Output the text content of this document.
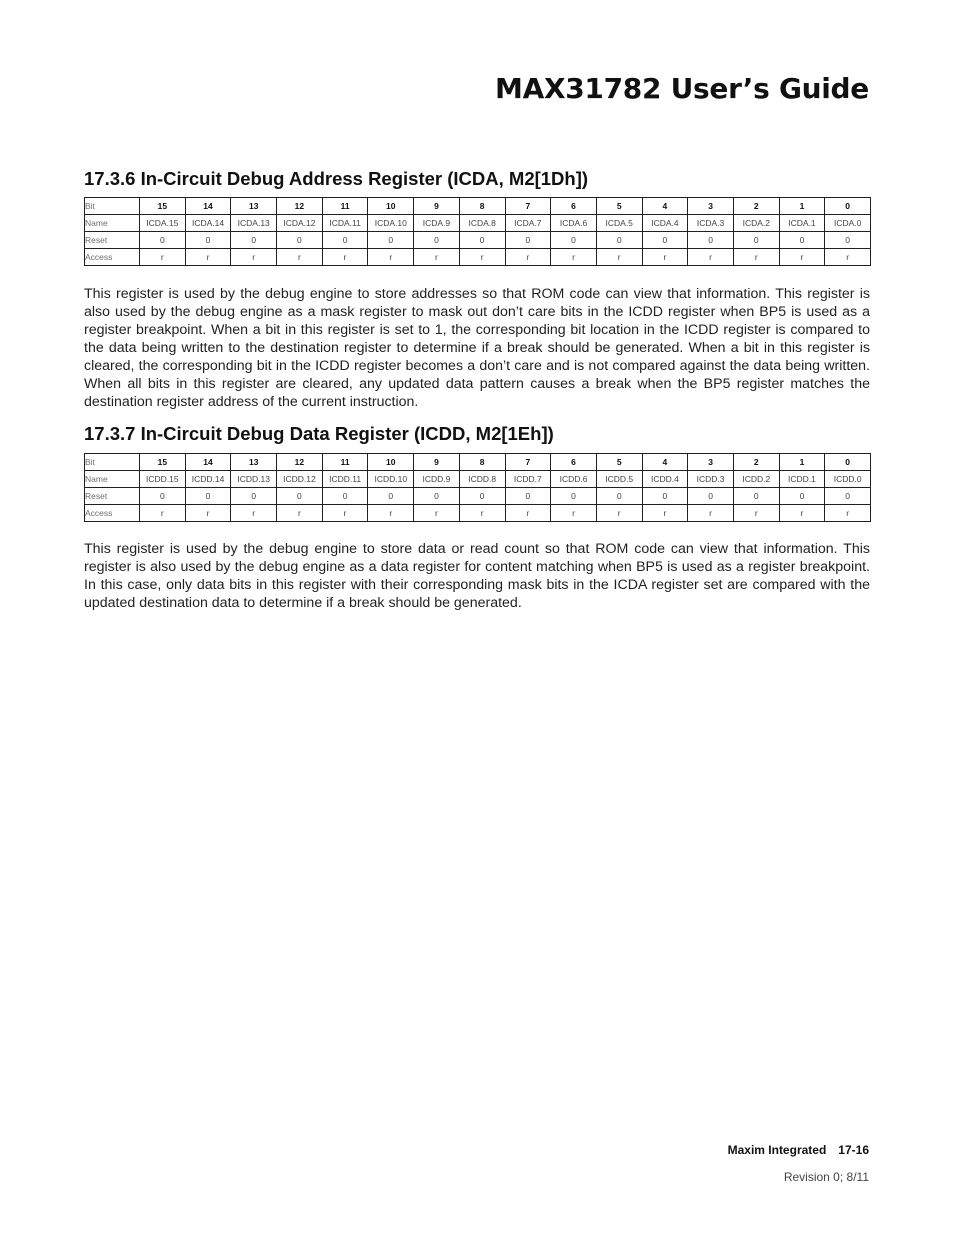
MAX31782 User’s Guide
17.3.6 In-Circuit Debug Address Register (ICDA, M2[1Dh])
Bit	15	14	13	12	11	10	9	8	7	6	5	4	3	2	1	0
Name	ICDA.15	ICDA.14	ICDA.13	ICDA.12	ICDA.11	ICDA.10	ICDA.9	ICDA.8	ICDA.7	ICDA.6	ICDA.5	ICDA.4	ICDA.3	ICDA.2	ICDA.1	ICDA.0
Reset	0	0	0	0	0	0	0	0	0	0	0	0	0	0	0	0
Access	r	r	r	r	r	r	r	r	r	r	r	r	r	r	r	r

This register is used by the debug engine to store addresses so that ROM code can view that information. This register is also used by the debug engine as a mask register to mask out don’t care bits in the ICDD register when BP5 is used as a register breakpoint. When a bit in this register is set to 1, the corresponding bit location in the ICDD register is compared to the data being written to the destination register to determine if a break should be generated. When a bit in this register is cleared, the corresponding bit in the ICDD register becomes a don’t care and is not compared against the data being written. When all bits in this register are cleared, any updated data pattern causes a break when the BP5 register matches the destination register address of the current instruction.

17.3.7 In-Circuit Debug Data Register (ICDD, M2[1Eh])
Bit	15	14	13	12	11	10	9	8	7	6	5	4	3	2	1	0
Name	ICDD.15	ICDD.14	ICDD.13	ICDD.12	ICDD.11	ICDD.10	ICDD.9	ICDD.8	ICDD.7	ICDD.6	ICDD.5	ICDD.4	ICDD.3	ICDD.2	ICDD.1	ICDD.0
Reset	0	0	0	0	0	0	0	0	0	0	0	0	0	0	0	0
Access	r	r	r	r	r	r	r	r	r	r	r	r	r	r	r	r

This register is used by the debug engine to store data or read count so that ROM code can view that information. This register is also used by the debug engine as a data register for content matching when BP5 is used as a register breakpoint. In this case, only data bits in this register with their corresponding mask bits in the ICDA register set are compared with the updated destination data to determine if a break should be generated.

Maxim Integrated 17-16

Revision 0; 8/11
